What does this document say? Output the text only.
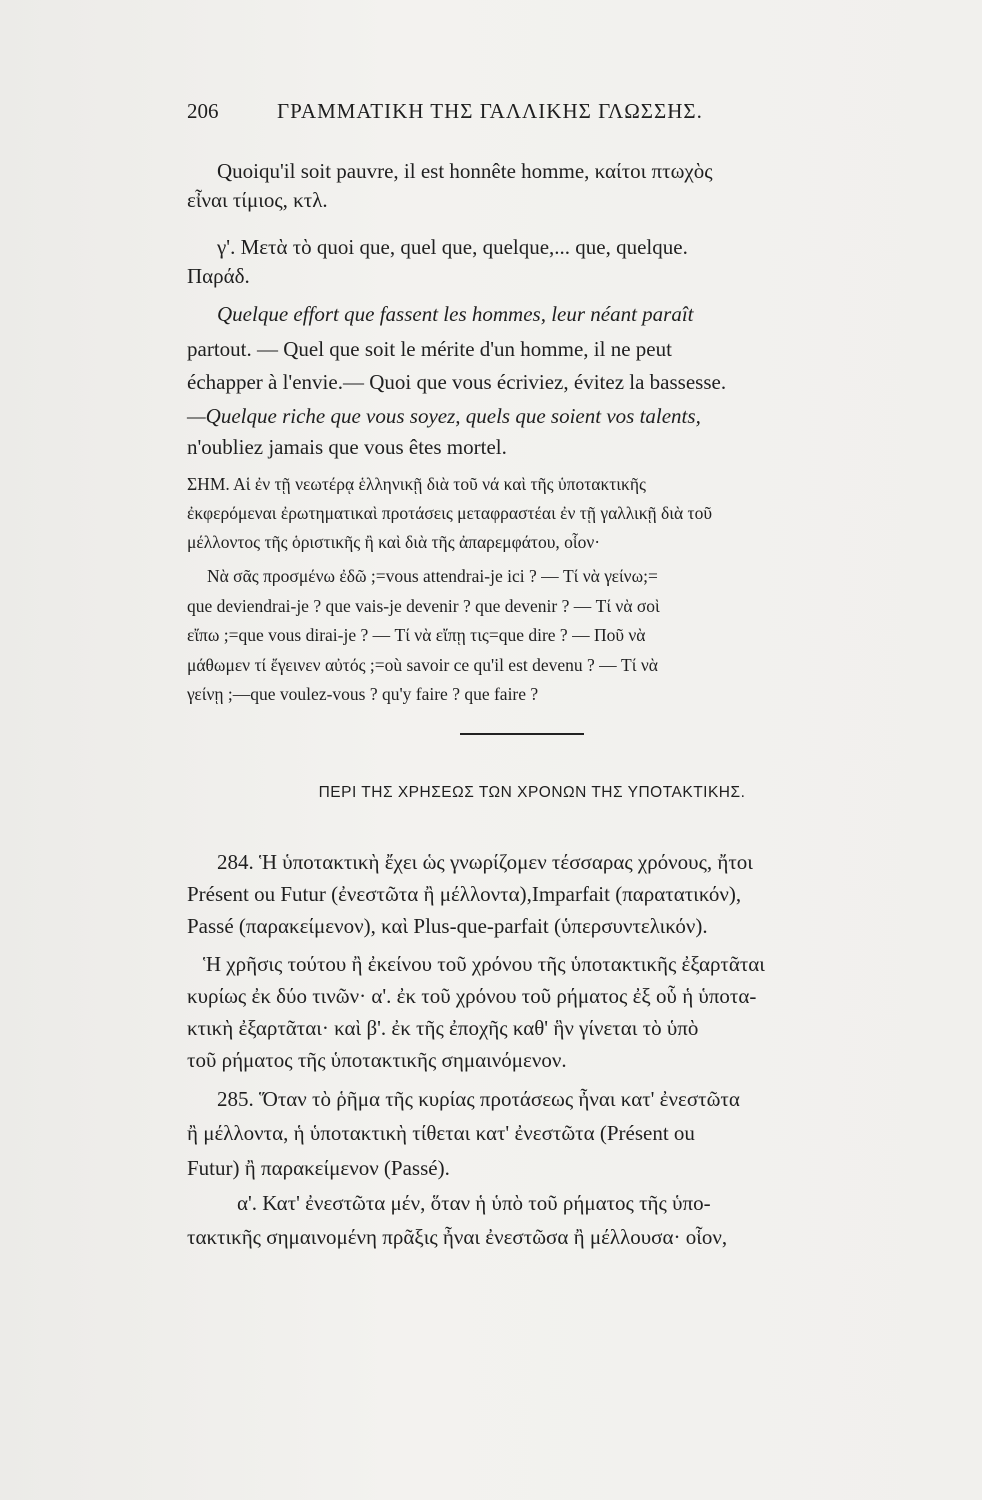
206	ΓΡΑΜΜΑΤΙΚΗ ΤΗΣ ΓΑΛΛΙΚΗΣ ΓΛΩΣΣΗΣ.
Quoiqu'il soit pauvre, il est honnête homme, καίτοι πτωχὸς
εἶναι τίμιος, κτλ.
γ'. Μετὰ τὸ quoi que, quel que, quelque,... que, quelque.
Παράδ.
Quelque effort que fassent les hommes, leur néant paraît
partout. — Quel que soit le mérite d'un homme, il ne peut
échapper à l'envie.— Quoi que vous écriviez, évitez la bassesse.
—Quelque riche que vous soyez, quels que soient vos talents,
n'oubliez jamais que vous êtes mortel.
ΣΗΜ. Αἱ ἐν τῇ νεωτέρᾳ ἑλληνικῇ διὰ τοῦ νά καὶ τῆς ὑποτακτικῆς
ἐκφερόμεναι ἐρωτηματικαὶ προτάσεις μεταφραστέαι ἐν τῇ γαλλικῇ διὰ τοῦ
μέλλοντος τῆς ὁριστικῆς ἢ καὶ διὰ τῆς ἀπαρεμφάτου, οἷον·
Νὰ σᾶς προσμένω ἐδῶ ;=vous attendrai-je ici ? — Τί νὰ γείνω;=
que deviendrai-je ? que vais-je devenir ? que devenir ? — Τί νὰ σοὶ
εἴπω ;=que vous dirai-je ? — Τί νὰ εἴπῃ τις=que dire ? — Ποῦ νὰ
μάθωμεν τί ἔγεινεν αὐτός ;=où savoir ce qu'il est devenu ? — Τί νὰ
γείνῃ ;—que voulez-vous ? qu'y faire ? que faire ?
ΠΕΡΙ ΤΗΣ ΧΡΗΣΕΩΣ ΤΩΝ ΧΡΟΝΩΝ ΤΗΣ ΥΠΟΤΑΚΤΙΚΗΣ.
284. Ἡ ὑποτακτικὴ ἔχει ὡς γνωρίζομεν τέσσαρας χρόνους, ἤτοι
Présent ou Futur (ἐνεστῶτα ἢ μέλλοντα),Imparfait (παρατατικόν),
Passé (παρακείμενον), καὶ Plus-que-parfait (ὑπερσυντελικόν).
Ἡ χρῆσις τούτου ἢ ἐκείνου τοῦ χρόνου τῆς ὑποτακτικῆς ἐξαρτᾶται
κυρίως ἐκ δύο τινῶν· α'. ἐκ τοῦ χρόνου τοῦ ρήματος ἐξ οὗ ἡ ὑποτα-
κτικὴ ἐξαρτᾶται· καὶ β'. ἐκ τῆς ἐποχῆς καθ' ἣν γίνεται τὸ ὑπὸ
τοῦ ρήματος τῆς ὑποτακτικῆς σημαινόμενον.
285. Ὅταν τὸ ῥῆμα τῆς κυρίας προτάσεως ἦναι κατ' ἐνεστῶτα
ἢ μέλλοντα, ἡ ὑποτακτικὴ τίθεται κατ' ἐνεστῶτα (Présent ou
Futur) ἢ παρακείμενον (Passé).
α'. Κατ' ἐνεστῶτα μέν, ὅταν ἡ ὑπὸ τοῦ ρήματος τῆς ὑπο-
τακτικῆς σημαινομένη πρᾶξις ἦναι ἐνεστῶσα ἢ μέλλουσα· οἷον,
